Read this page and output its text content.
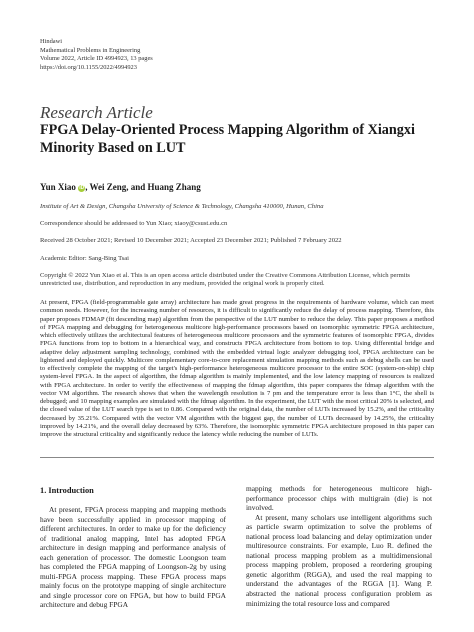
Hindawi
Mathematical Problems in Engineering
Volume 2022, Article ID 4994923, 13 pages
https://doi.org/10.1155/2022/4994923
Research Article
FPGA Delay-Oriented Process Mapping Algorithm of Xiangxi Minority Based on LUT
Yun Xiao iD, Wei Zeng, and Huang Zhang
Institute of Art & Design, Changsha University of Science & Technology, Changsha 410000, Hunan, China
Correspondence should be addressed to Yun Xiao; xiaoy@csust.edu.cn
Received 28 October 2021; Revised 10 December 2021; Accepted 23 December 2021; Published 7 February 2022
Academic Editor: Sang-Bing Tsai
Copyright © 2022 Yun Xiao et al. This is an open access article distributed under the Creative Commons Attribution License, which permits unrestricted use, distribution, and reproduction in any medium, provided the original work is properly cited.
At present, FPGA (field-programmable gate array) architecture has made great progress in the requirements of hardware volume, which can meet common needs. However, for the increasing number of resources, it is difficult to significantly reduce the delay of process mapping. Therefore, this paper proposes FDMAP (fit descending map) algorithm from the perspective of the LUT number to reduce the delay. This paper proposes a method of FPGA mapping and debugging for heterogeneous multicore high-performance processors based on isomorphic symmetric FPGA architecture, which effectively utilizes the architectural features of heterogeneous multicore processors and the symmetric features of isomorphic FPGA, divides FPGA functions from top to bottom in a hierarchical way, and constructs FPGA architecture from bottom to top. Using differential bridge and adaptive delay adjustment sampling technology, combined with the embedded virtual logic analyzer debugging tool, FPGA architecture can be lightened and deployed quickly. Multicore complementary core-to-core replacement simulation mapping methods such as debug shells can be used to effectively complete the mapping of the target's high-performance heterogeneous multicore processor to the entire SOC (system-on-ship) chip system-level FPGA. In the aspect of algorithm, the fdmap algorithm is mainly implemented, and the low latency mapping of resources is realized with FPGA architecture. In order to verify the effectiveness of mapping the fdmap algorithm, this paper compares the fdmap algorithm with the vector VM algorithm. The research shows that when the wavelength resolution is 7 pm and the temperature error is less than 1°C, the shell is debugged; and 10 mapping examples are simulated with the fdmap algorithm. In the experiment, the LUT with the most critical 20% is selected, and the closed value of the LUT search type is set to 0.86. Compared with the original data, the number of LUTs increased by 15.2%, and the criticality decreased by 35.21%. Compared with the vector VM algorithm with the biggest gap, the number of LUTs decreased by 14.25%, the criticality improved by 14.21%, and the overall delay decreased by 63%. Therefore, the isomorphic symmetric FPGA architecture proposed in this paper can improve the structural criticality and significantly reduce the latency while reducing the number of LUTs.
1. Introduction

At present, FPGA process mapping and mapping methods have been successfully applied in processor mapping of different architectures. In order to make up for the deficiency of traditional analog mapping, Intel has adopted FPGA architecture in design mapping and performance analysis of each generation of processor. The domestic Loongson team has completed the FPGA mapping of Loongson-2g by using multi-FPGA process mapping. These FPGA process maps mainly focus on the prototype mapping of single architecture and single processor core on FPGA, but how to build FPGA architecture and debug FPGA

mapping methods for heterogeneous multicore high-performance processor chips with multigrain (die) is not involved.

At present, many scholars use intelligent algorithms such as particle swarm optimization to solve the problems of national process load balancing and delay optimization under multiresource constraints. For example, Luo R. defined the national process mapping problem as a multidimensional process mapping problem, proposed a reordering grouping genetic algorithm (RGGA), and used the real mapping to understand the advantages of the RGGA [1]. Wang P. abstracted the national process configuration problem as minimizing the total resource loss and compared
